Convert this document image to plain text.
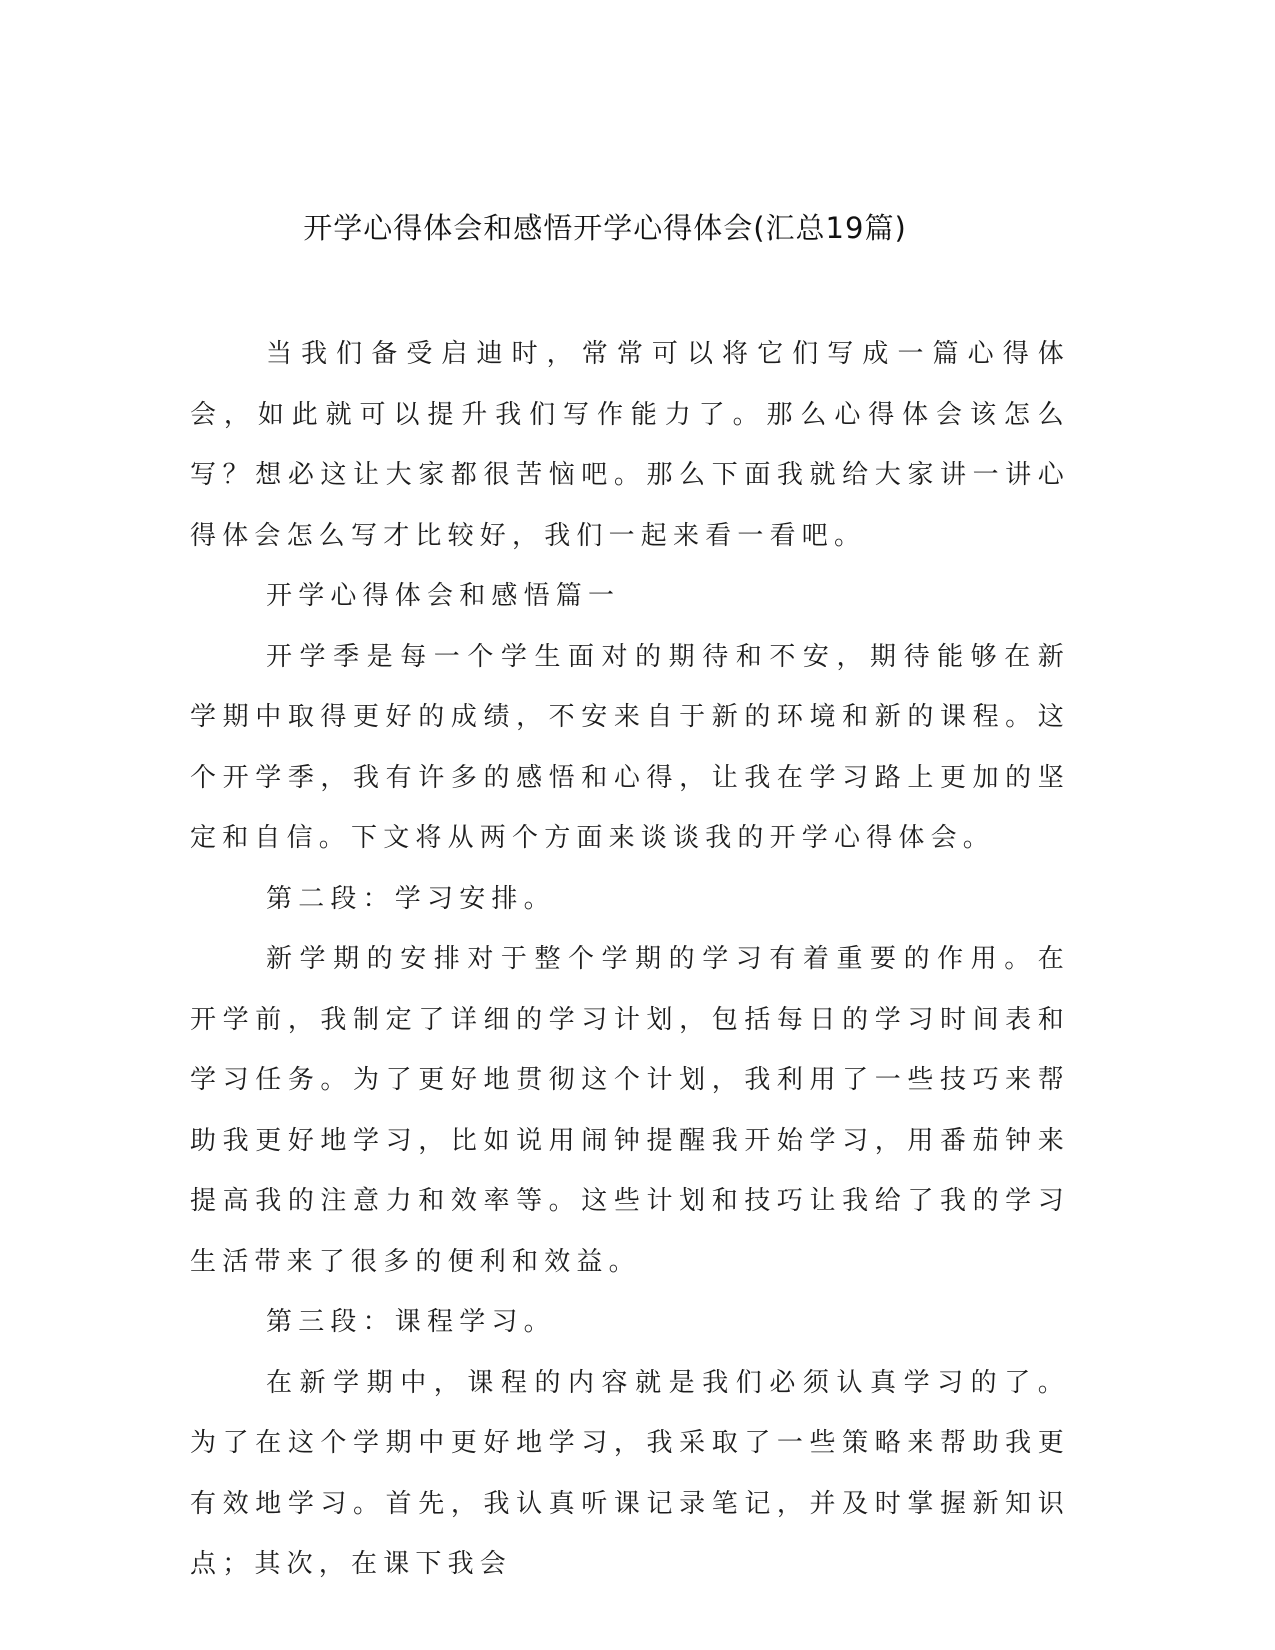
开学心得体会和感悟开学心得体会(汇总19篇)

当我们备受启迪时，常常可以将它们写成一篇心得体会，如此就可以提升我们写作能力了。那么心得体会该怎么写？想必这让大家都很苦恼吧。那么下面我就给大家讲一讲心得体会怎么写才比较好，我们一起来看一看吧。

开学心得体会和感悟篇一

开学季是每一个学生面对的期待和不安，期待能够在新学期中取得更好的成绩，不安来自于新的环境和新的课程。这个开学季，我有许多的感悟和心得，让我在学习路上更加的坚定和自信。下文将从两个方面来谈谈我的开学心得体会。

第二段：学习安排。

新学期的安排对于整个学期的学习有着重要的作用。在开学前，我制定了详细的学习计划，包括每日的学习时间表和学习任务。为了更好地贯彻这个计划，我利用了一些技巧来帮助我更好地学习，比如说用闹钟提醒我开始学习，用番茄钟来提高我的注意力和效率等。这些计划和技巧让我给了我的学习生活带来了很多的便利和效益。

第三段：课程学习。

在新学期中，课程的内容就是我们必须认真学习的了。为了在这个学期中更好地学习，我采取了一些策略来帮助我更有效地学习。首先，我认真听课记录笔记，并及时掌握新知识点；其次，在课下我会
